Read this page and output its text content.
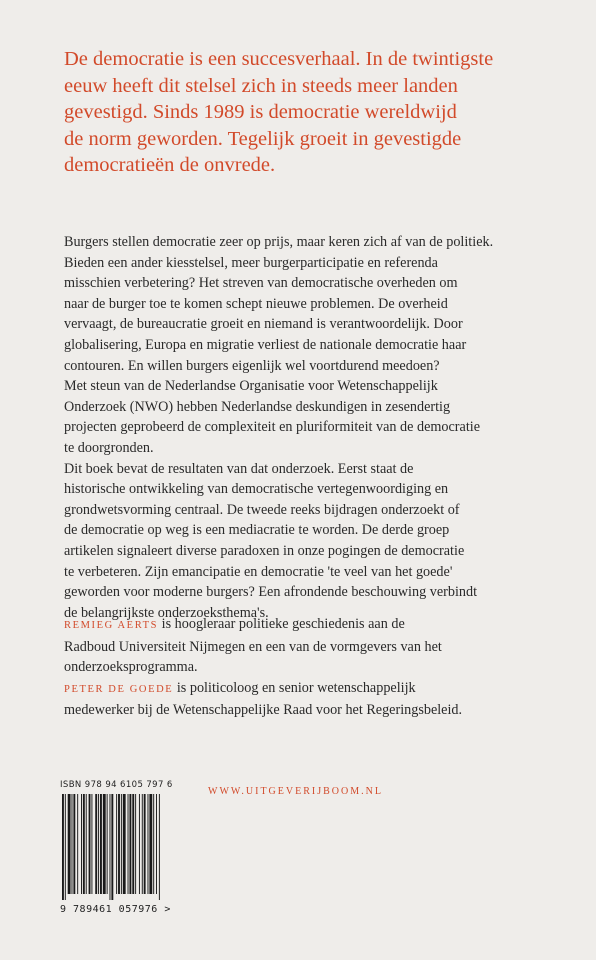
De democratie is een succesverhaal. In de twintigste
eeuw heeft dit stelsel zich in steeds meer landen
gevestigd. Sinds 1989 is democratie wereldwijd
de norm geworden. Tegelijk groeit in gevestigde
democratieën de onvrede.
Burgers stellen democratie zeer op prijs, maar keren zich af van de politiek.
Bieden een ander kiesstelsel, meer burgerparticipatie en referenda
misschien verbetering? Het streven van democratische overheden om
naar de burger toe te komen schept nieuwe problemen. De overheid
vervaagt, de bureaucratie groeit en niemand is verantwoordelijk. Door
globalisering, Europa en migratie verliest de nationale democratie haar
contouren. En willen burgers eigenlijk wel voortdurend meedoen?
Met steun van de Nederlandse Organisatie voor Wetenschappelijk
Onderzoek (NWO) hebben Nederlandse deskundigen in zesendertig
projecten geprobeerd de complexiteit en pluriformiteit van de democratie
te doorgronden.
Dit boek bevat de resultaten van dat onderzoek. Eerst staat de
historische ontwikkeling van democratische vertegenwoordiging en
grondwetsvorming centraal. De tweede reeks bijdragen onderzoekt of
de democratie op weg is een mediacratie te worden. De derde groep
artikelen signaleert diverse paradoxen in onze pogingen de democratie
te verbeteren. Zijn emancipatie en democratie 'te veel van het goede'
geworden voor moderne burgers? Een afrondende beschouwing verbindt
de belangrijkste onderzoeksthema's.
REMIEG AERTS is hoogleraar politieke geschiedenis aan de
Radboud Universiteit Nijmegen en een van de vormgevers van het
onderzoeksprogramma.
PETER DE GOEDE is politicoloog en senior wetenschappelijk
medewerker bij de Wetenschappelijke Raad voor het Regeringsbeleid.
ISBN 978 94 6105 797 6
9 789461 057976 >
WWW.UITGEVERIJBOOM.NL
